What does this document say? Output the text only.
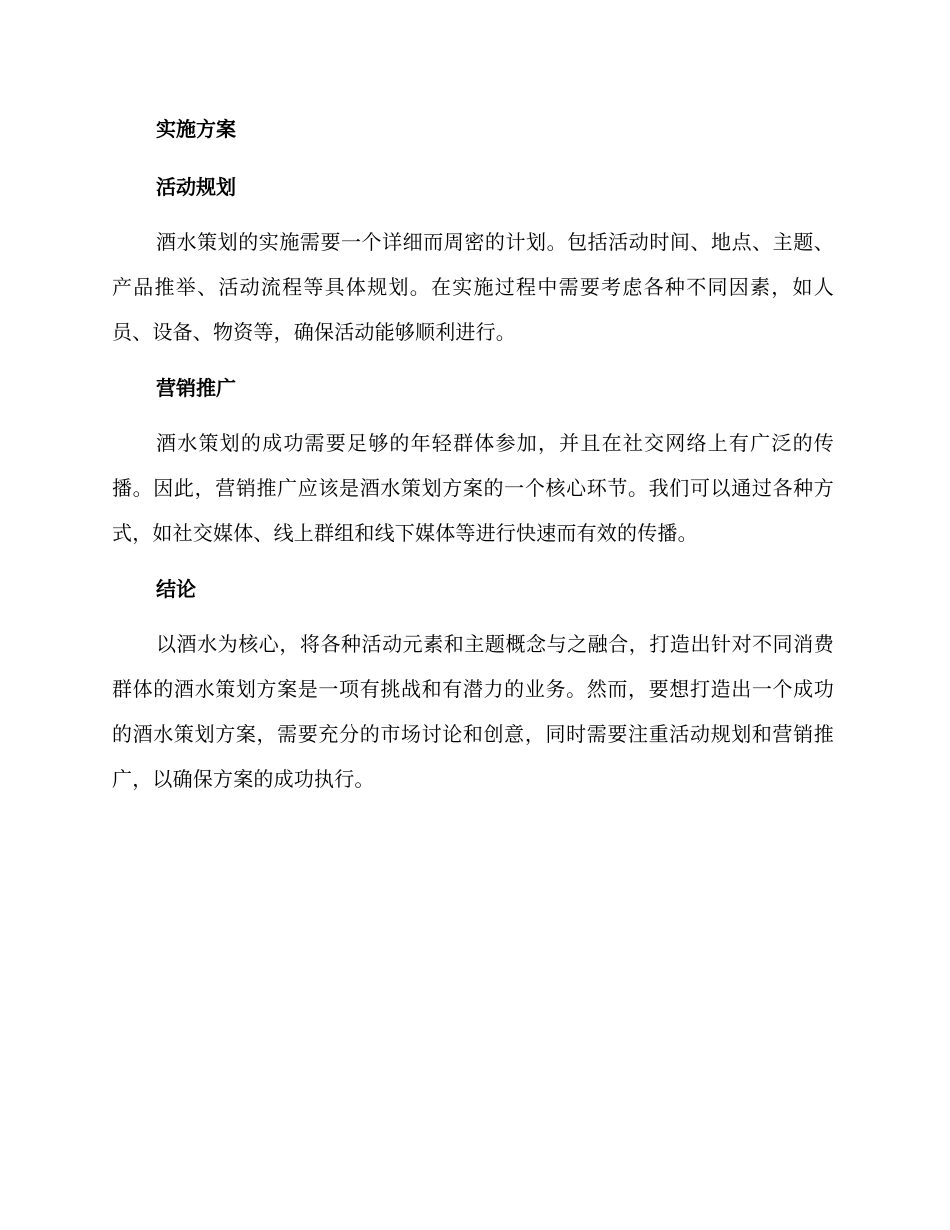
实施方案
活动规划

酒水策划的实施需要一个详细而周密的计划。包括活动时间、地点、主题、产品推举、活动流程等具体规划。在实施过程中需要考虑各种不同因素，如人员、设备、物资等，确保活动能够顺利进行。

营销推广

酒水策划的成功需要足够的年轻群体参加，并且在社交网络上有广泛的传播。因此，营销推广应该是酒水策划方案的一个核心环节。我们可以通过各种方式，如社交媒体、线上群组和线下媒体等进行快速而有效的传播。

结论

以酒水为核心，将各种活动元素和主题概念与之融合，打造出针对不同消费群体的酒水策划方案是一项有挑战和有潜力的业务。然而，要想打造出一个成功的酒水策划方案，需要充分的市场讨论和创意，同时需要注重活动规划和营销推广，以确保方案的成功执行。
